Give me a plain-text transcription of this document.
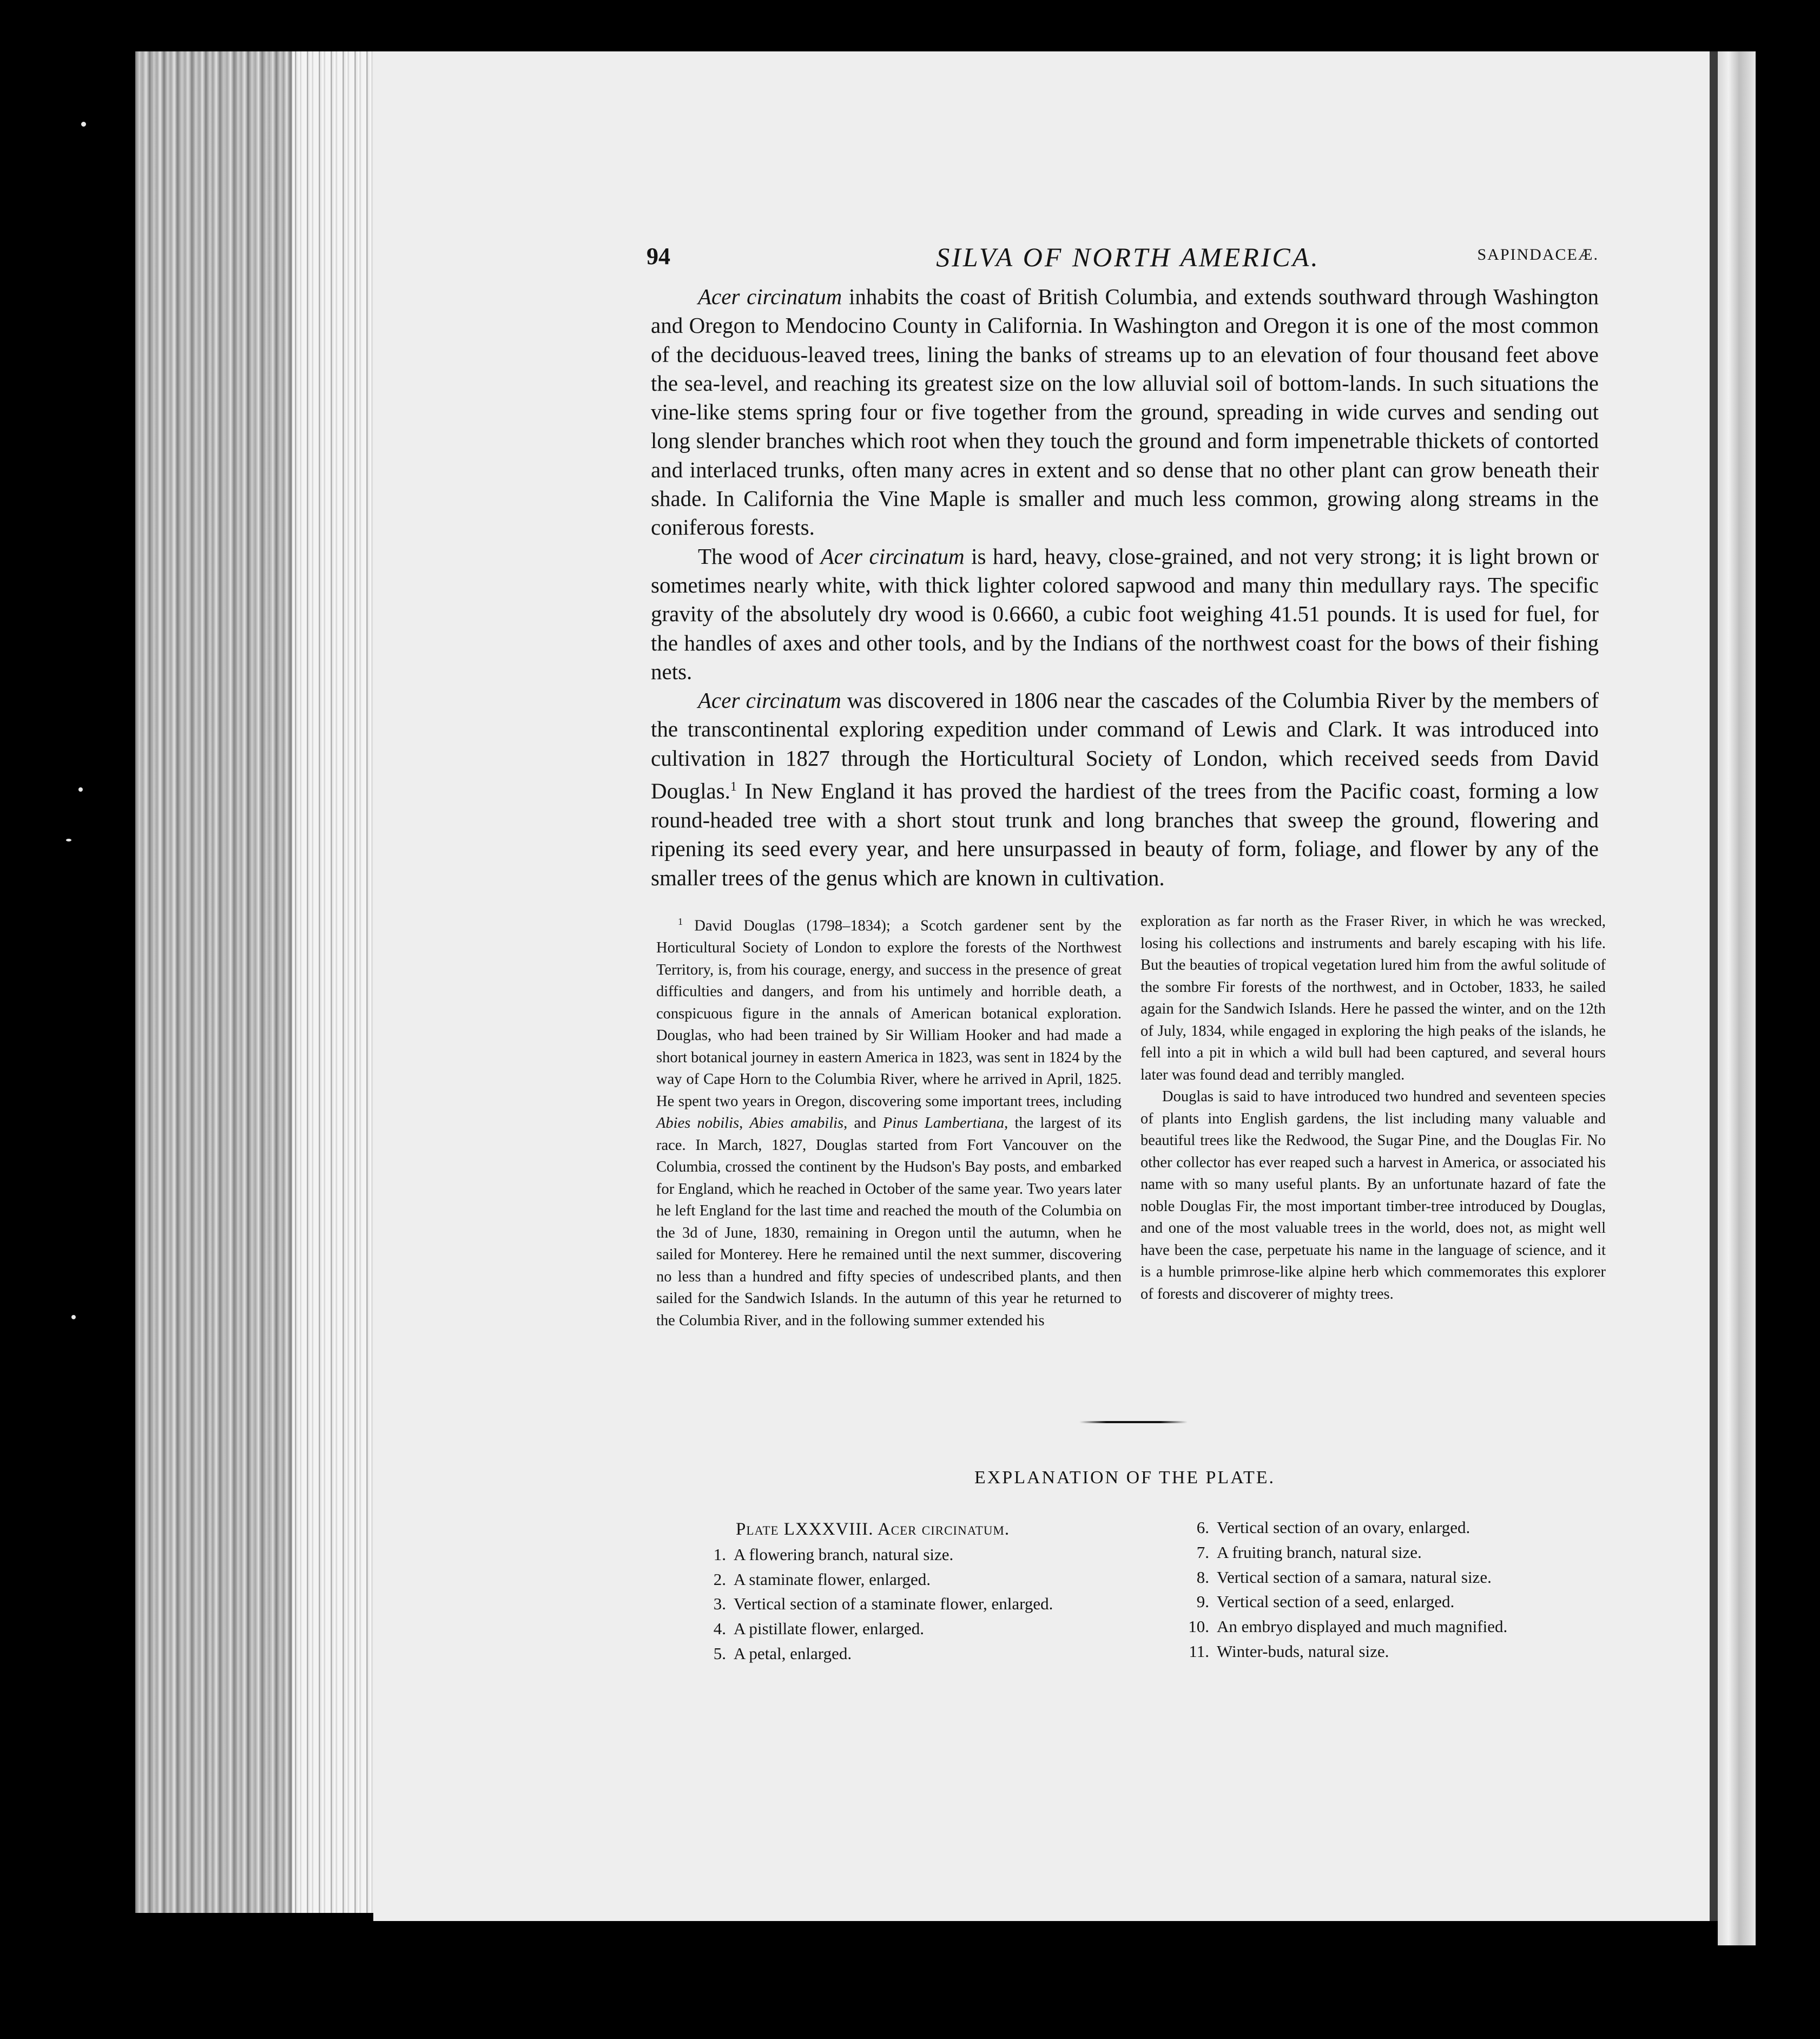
94	SILVA OF NORTH AMERICA.	SAPINDACEÆ.

Acer circinatum inhabits the coast of British Columbia, and extends southward through Washington and Oregon to Mendocino County in California. In Washington and Oregon it is one of the most common of the deciduous-leaved trees, lining the banks of streams up to an elevation of four thousand feet above the sea-level, and reaching its greatest size on the low alluvial soil of bottom-lands. In such situations the vine-like stems spring four or five together from the ground, spreading in wide curves and sending out long slender branches which root when they touch the ground and form impenetrable thickets of contorted and interlaced trunks, often many acres in extent and so dense that no other plant can grow beneath their shade. In California the Vine Maple is smaller and much less common, growing along streams in the coniferous forests.

The wood of Acer circinatum is hard, heavy, close-grained, and not very strong; it is light brown or sometimes nearly white, with thick lighter colored sapwood and many thin medullary rays. The specific gravity of the absolutely dry wood is 0.6660, a cubic foot weighing 41.51 pounds. It is used for fuel, for the handles of axes and other tools, and by the Indians of the northwest coast for the bows of their fishing nets.

Acer circinatum was discovered in 1806 near the cascades of the Columbia River by the members of the transcontinental exploring expedition under command of Lewis and Clark. It was introduced into cultivation in 1827 through the Horticultural Society of London, which received seeds from David Douglas.$^1$ In New England it has proved the hardiest of the trees from the Pacific coast, forming a low round-headed tree with a short stout trunk and long branches that sweep the ground, flowering and ripening its seed every year, and here unsurpassed in beauty of form, foliage, and flower by any of the smaller trees of the genus which are known in cultivation.

$^1$ David Douglas (1798–1834); a Scotch gardener sent by the Horticultural Society of London to explore the forests of the Northwest Territory, is, from his courage, energy, and success in the presence of great difficulties and dangers, and from his untimely and horrible death, a conspicuous figure in the annals of American botanical exploration. Douglas, who had been trained by Sir William Hooker and had made a short botanical journey in eastern America in 1823, was sent in 1824 by the way of Cape Horn to the Columbia River, where he arrived in April, 1825. He spent two years in Oregon, discovering some important trees, including Abies nobilis, Abies amabilis, and Pinus Lambertiana, the largest of its race. In March, 1827, Douglas started from Fort Vancouver on the Columbia, crossed the continent by the Hudson's Bay posts, and embarked for England, which he reached in October of the same year. Two years later he left England for the last time and reached the mouth of the Columbia on the 3d of June, 1830, remaining in Oregon until the autumn, when he sailed for Monterey. Here he remained until the next summer, discovering no less than a hundred and fifty species of undescribed plants, and then sailed for the Sandwich Islands. In the autumn of this year he returned to the Columbia River, and in the following summer extended his

exploration as far north as the Fraser River, in which he was wrecked, losing his collections and instruments and barely escaping with his life. But the beauties of tropical vegetation lured him from the awful solitude of the sombre Fir forests of the northwest, and in October, 1833, he sailed again for the Sandwich Islands. Here he passed the winter, and on the 12th of July, 1834, while engaged in exploring the high peaks of the islands, he fell into a pit in which a wild bull had been captured, and several hours later was found dead and terribly mangled.

Douglas is said to have introduced two hundred and seventeen species of plants into English gardens, the list including many valuable and beautiful trees like the Redwood, the Sugar Pine, and the Douglas Fir. No other collector has ever reaped such a harvest in America, or associated his name with so many useful plants. By an unfortunate hazard of fate the noble Douglas Fir, the most important timber-tree introduced by Douglas, and one of the most valuable trees in the world, does not, as might well have been the case, perpetuate his name in the language of science, and it is a humble primrose-like alpine herb which commemorates this explorer of forests and discoverer of mighty trees.

EXPLANATION OF THE PLATE.
Plate LXXXVIII. Acer circinatum.
1. A flowering branch, natural size.
2. A staminate flower, enlarged.
3. Vertical section of a staminate flower, enlarged.
4. A pistillate flower, enlarged.
5. A petal, enlarged.
6. Vertical section of an ovary, enlarged.
7. A fruiting branch, natural size.
8. Vertical section of a samara, natural size.
9. Vertical section of a seed, enlarged.
10. An embryo displayed and much magnified.
11. Winter-buds, natural size.
